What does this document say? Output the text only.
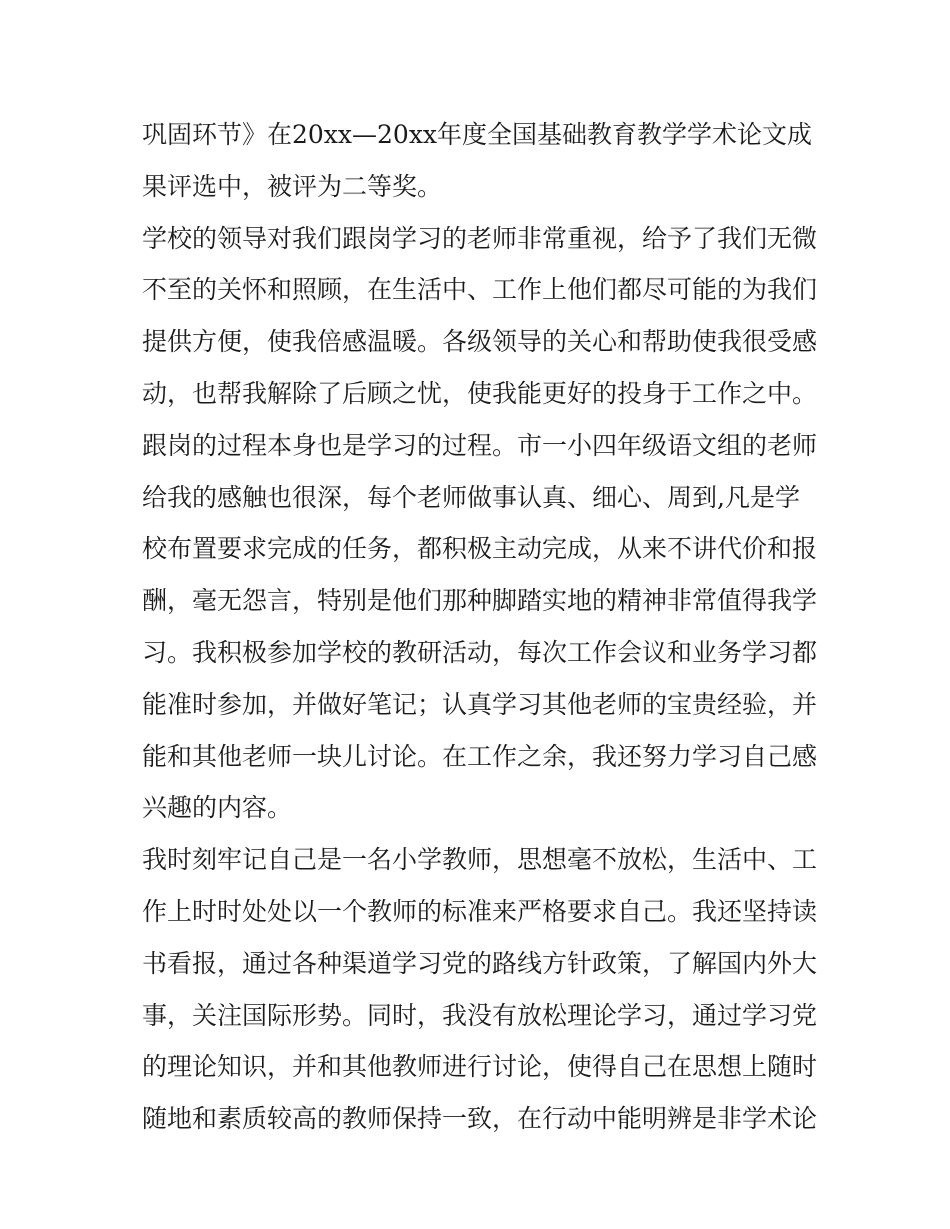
巩固环节》在20xx—20xx年度全国基础教育教学学术论文成
果评选中，被评为二等奖。
学校的领导对我们跟岗学习的老师非常重视，给予了我们无微
不至的关怀和照顾，在生活中、工作上他们都尽可能的为我们
提供方便，使我倍感温暖。各级领导的关心和帮助使我很受感
动，也帮我解除了后顾之忧，使我能更好的投身于工作之中。
跟岗的过程本身也是学习的过程。市一小四年级语文组的老师
给我的感触也很深，每个老师做事认真、细心、周到,凡是学
校布置要求完成的任务，都积极主动完成，从来不讲代价和报
酬，毫无怨言，特别是他们那种脚踏实地的精神非常值得我学
习。我积极参加学校的教研活动，每次工作会议和业务学习都
能准时参加，并做好笔记；认真学习其他老师的宝贵经验，并
能和其他老师一块儿讨论。在工作之余，我还努力学习自己感
兴趣的内容。
我时刻牢记自己是一名小学教师，思想毫不放松，生活中、工
作上时时处处以一个教师的标准来严格要求自己。我还坚持读
书看报，通过各种渠道学习党的路线方针政策，了解国内外大
事，关注国际形势。同时，我没有放松理论学习，通过学习党
的理论知识，并和其他教师进行讨论，使得自己在思想上随时
随地和素质较高的教师保持一致，在行动中能明辨是非学术论
